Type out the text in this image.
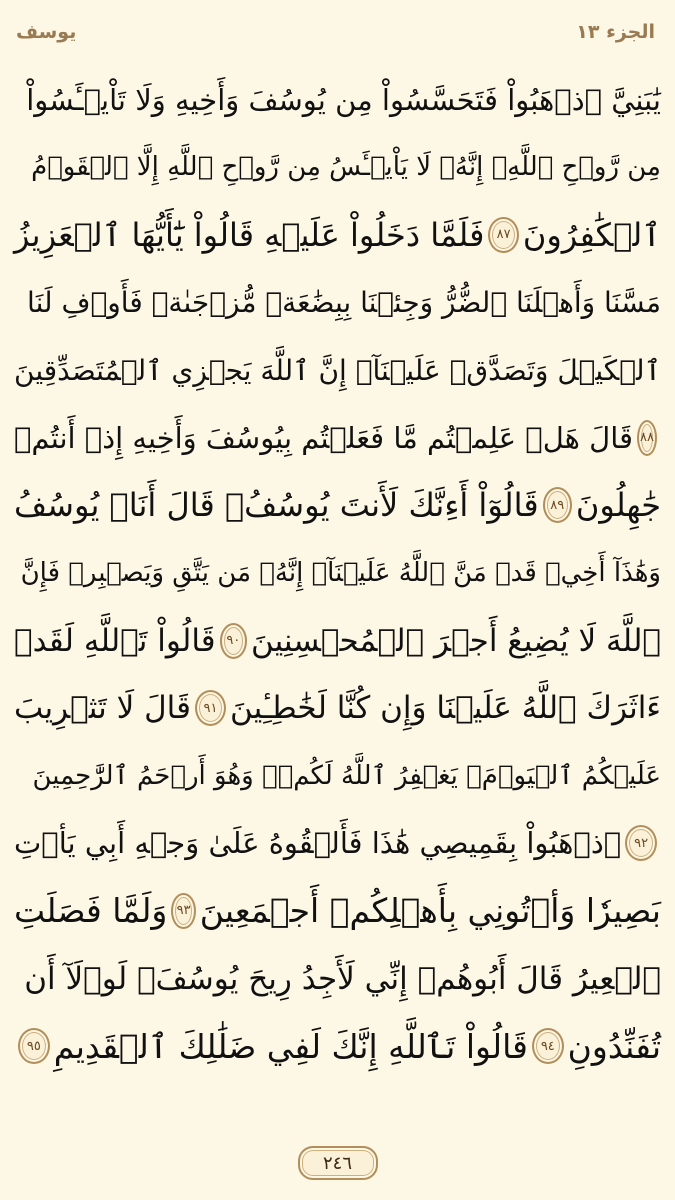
يوسف	الجزء ١٣
يَٰبَنِيَّ ٱذۡهَبُواْ فَتَحَسَّسُواْ مِن يُوسُفَ وَأَخِيهِ وَلَا تَاْيۡـَٔسُواْ
مِن رَّوۡحِ ٱللَّهِۖ إِنَّهُۥ لَا يَاْيۡـَٔسُ مِن رَّوۡحِ ٱللَّهِ إِلَّا ٱلۡقَوۡمُ
ٱلۡكَٰفِرُونَ
٨٧
فَلَمَّا دَخَلُواْ عَلَيۡهِ قَالُواْ يَٰٓأَيُّهَا ٱلۡعَزِيزُ
مَسَّنَا وَأَهۡلَنَا ٱلضُّرُّ وَجِئۡنَا بِبِضَٰعَةٖ مُّزۡجَىٰةٖ فَأَوۡفِ لَنَا
ٱلۡكَيۡلَ وَتَصَدَّقۡ عَلَيۡنَآۖ إِنَّ ٱللَّهَ يَجۡزِي ٱلۡمُتَصَدِّقِينَ
٨٨
قَالَ هَلۡ عَلِمۡتُم مَّا فَعَلۡتُم بِيُوسُفَ وَأَخِيهِ إِذۡ أَنتُمۡ
جَٰهِلُونَ
٨٩
قَالُوٓاْ أَءِنَّكَ لَأَنتَ يُوسُفُۖ قَالَ أَنَا۠ يُوسُفُ
وَهَٰذَآ أَخِيۖ قَدۡ مَنَّ ٱللَّهُ عَلَيۡنَآۖ إِنَّهُۥ مَن يَتَّقِ وَيَصۡبِرۡ فَإِنَّ
ٱللَّهَ لَا يُضِيعُ أَجۡرَ ٱلۡمُحۡسِنِينَ
٩٠
قَالُواْ تَٱللَّهِ لَقَدۡ
ءَاثَرَكَ ٱللَّهُ عَلَيۡنَا وَإِن كُنَّا لَخَٰطِـِٔينَ
٩١
قَالَ لَا تَثۡرِيبَ
عَلَيۡكُمُ ٱلۡيَوۡمَۖ يَغۡفِرُ ٱللَّهُ لَكُمۡۖ وَهُوَ أَرۡحَمُ ٱلرَّٰحِمِينَ
٩٢
ٱذۡهَبُواْ بِقَمِيصِي هَٰذَا فَأَلۡقُوهُ عَلَىٰ وَجۡهِ أَبِي يَأۡتِ
بَصِيرٗا وَأۡتُونِي بِأَهۡلِكُمۡ أَجۡمَعِينَ
٩٣
وَلَمَّا فَصَلَتِ
ٱلۡعِيرُ قَالَ أَبُوهُمۡ إِنِّي لَأَجِدُ رِيحَ يُوسُفَۖ لَوۡلَآ أَن
تُفَنِّدُونِ
٩٤
قَالُواْ تَٱللَّهِ إِنَّكَ لَفِي ضَلَٰلِكَ ٱلۡقَدِيمِ
٩٥
٢٤٦
